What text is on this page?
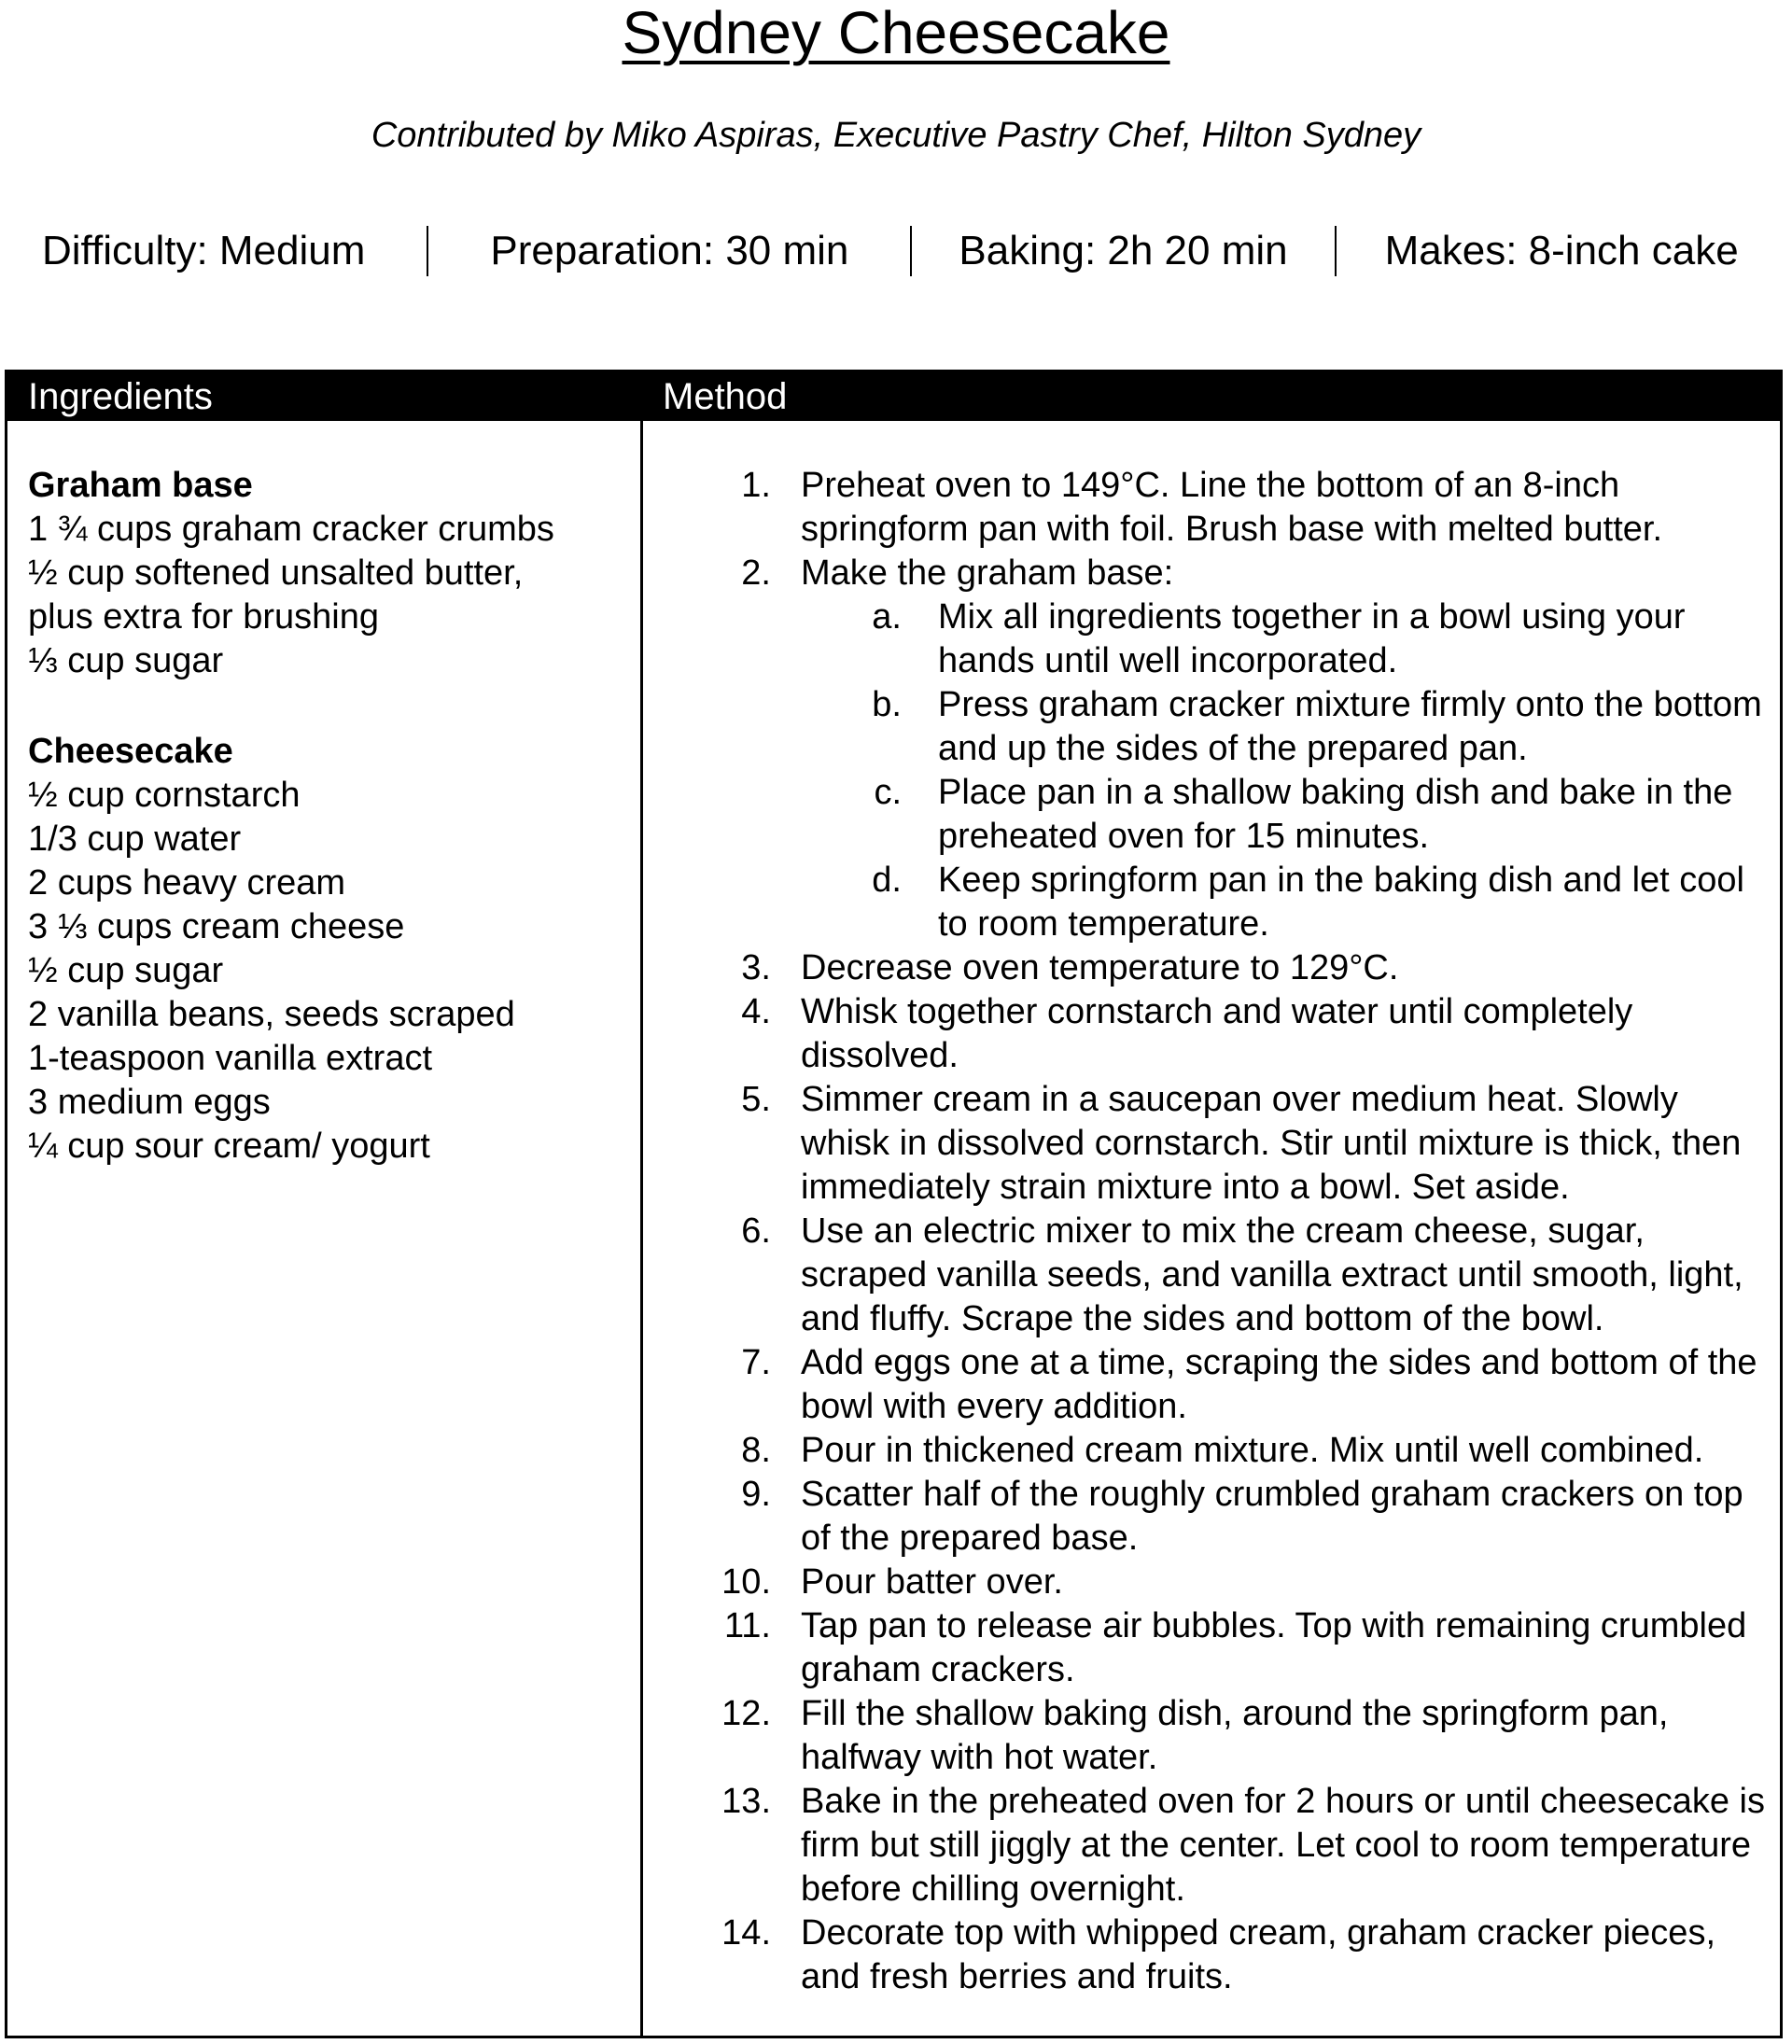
Sydney Cheesecake
Contributed by Miko Aspiras, Executive Pastry Chef, Hilton Sydney
Difficulty: Medium	Preparation: 30 min	Baking: 2h 20 min Makes: 8-inch cake
Ingredients	Method
Graham base
1 ¾ cups graham cracker crumbs
½ cup softened unsalted butter,
plus extra for brushing
⅓ cup sugar
Cheesecake
½ cup cornstarch
1/3 cup water
2 cups heavy cream
3 ⅓ cups cream cheese
½ cup sugar
2 vanilla beans, seeds scraped
1-teaspoon vanilla extract
3 medium eggs
¼ cup sour cream/ yogurt
1. Preheat oven to 149°C. Line the bottom of an 8-inch springform pan with foil. Brush base with melted butter.
2. Make the graham base:
a. Mix all ingredients together in a bowl using your hands until well incorporated.
b. Press graham cracker mixture firmly onto the bottom and up the sides of the prepared pan.
c. Place pan in a shallow baking dish and bake in the preheated oven for 15 minutes.
d. Keep springform pan in the baking dish and let cool to room temperature.
3. Decrease oven temperature to 129°C.
4. Whisk together cornstarch and water until completely dissolved.
5. Simmer cream in a saucepan over medium heat. Slowly whisk in dissolved cornstarch. Stir until mixture is thick, then immediately strain mixture into a bowl. Set aside.
6. Use an electric mixer to mix the cream cheese, sugar, scraped vanilla seeds, and vanilla extract until smooth, light, and fluffy. Scrape the sides and bottom of the bowl.
7. Add eggs one at a time, scraping the sides and bottom of the bowl with every addition.
8. Pour in thickened cream mixture. Mix until well combined.
9. Scatter half of the roughly crumbled graham crackers on top of the prepared base.
10. Pour batter over.
11. Tap pan to release air bubbles. Top with remaining crumbled graham crackers.
12. Fill the shallow baking dish, around the springform pan, halfway with hot water.
13. Bake in the preheated oven for 2 hours or until cheesecake is firm but still jiggly at the center. Let cool to room temperature before chilling overnight.
14. Decorate top with whipped cream, graham cracker pieces, and fresh berries and fruits.
